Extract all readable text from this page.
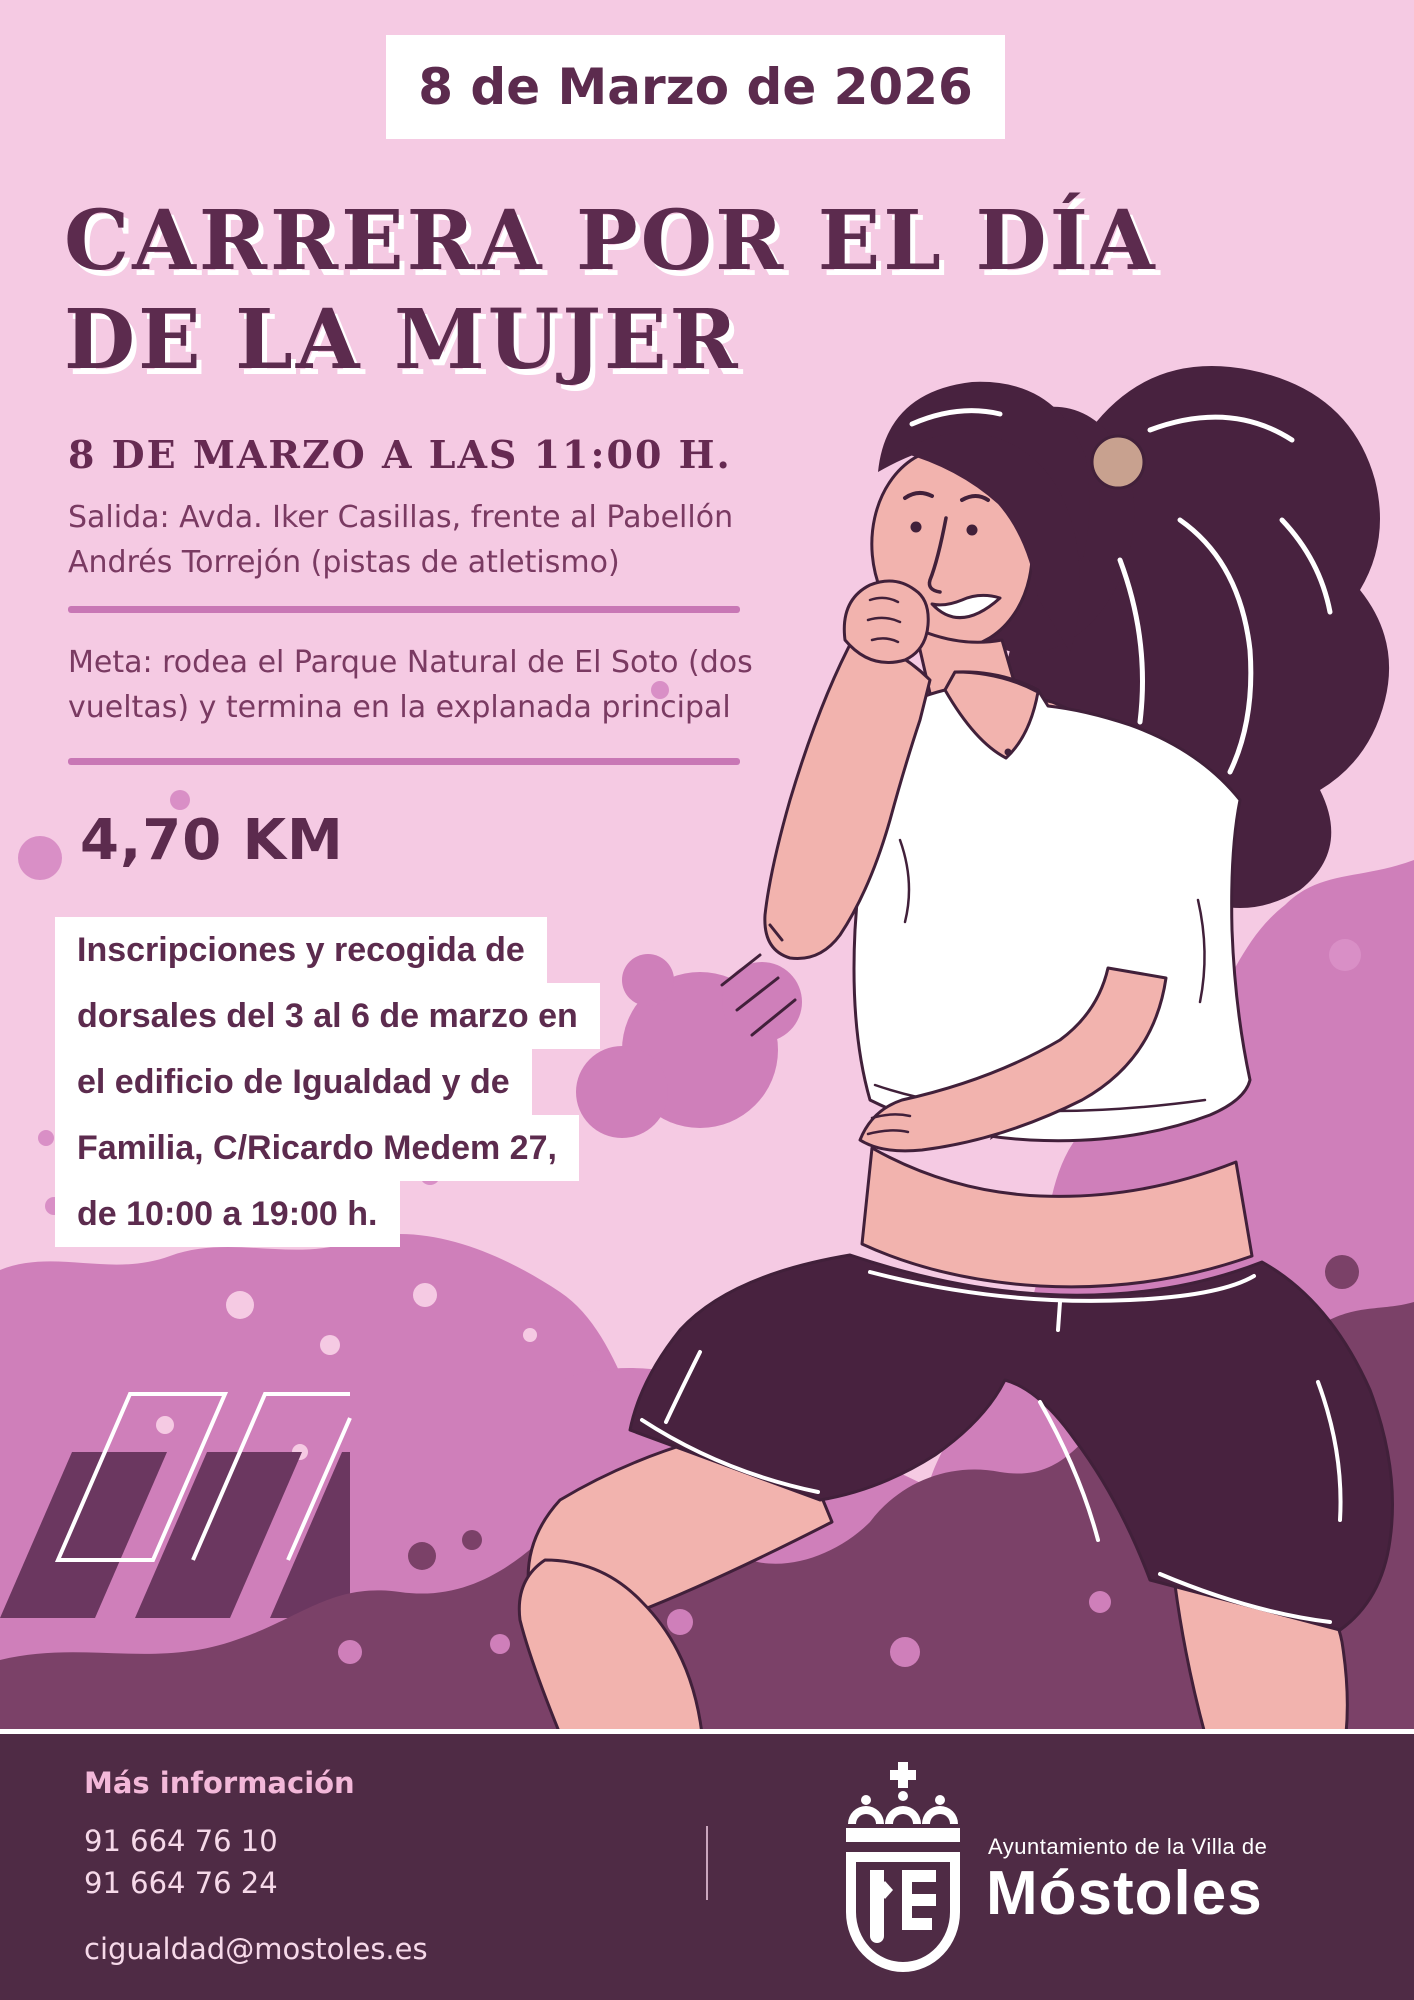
8 de Marzo de 2026
CARRERA POR EL DÍA
DE LA MUJER
8 DE MARZO A LAS 11:00 H.
Salida: Avda. Iker Casillas, frente al Pabellón
Andrés Torrejón (pistas de atletismo)
Meta: rodea el Parque Natural de El Soto (dos
vueltas) y termina en la explanada principal
4,70 KM
Inscripciones y recogida de
dorsales del 3 al 6 de marzo en
el edificio de Igualdad y de
Familia, C/Ricardo Medem 27,
de 10:00 a 19:00 h.
Más información
91 664 76 10
91 664 76 24
cigualdad@mostoles.es
Ayuntamiento de la Villa de
Móstoles
